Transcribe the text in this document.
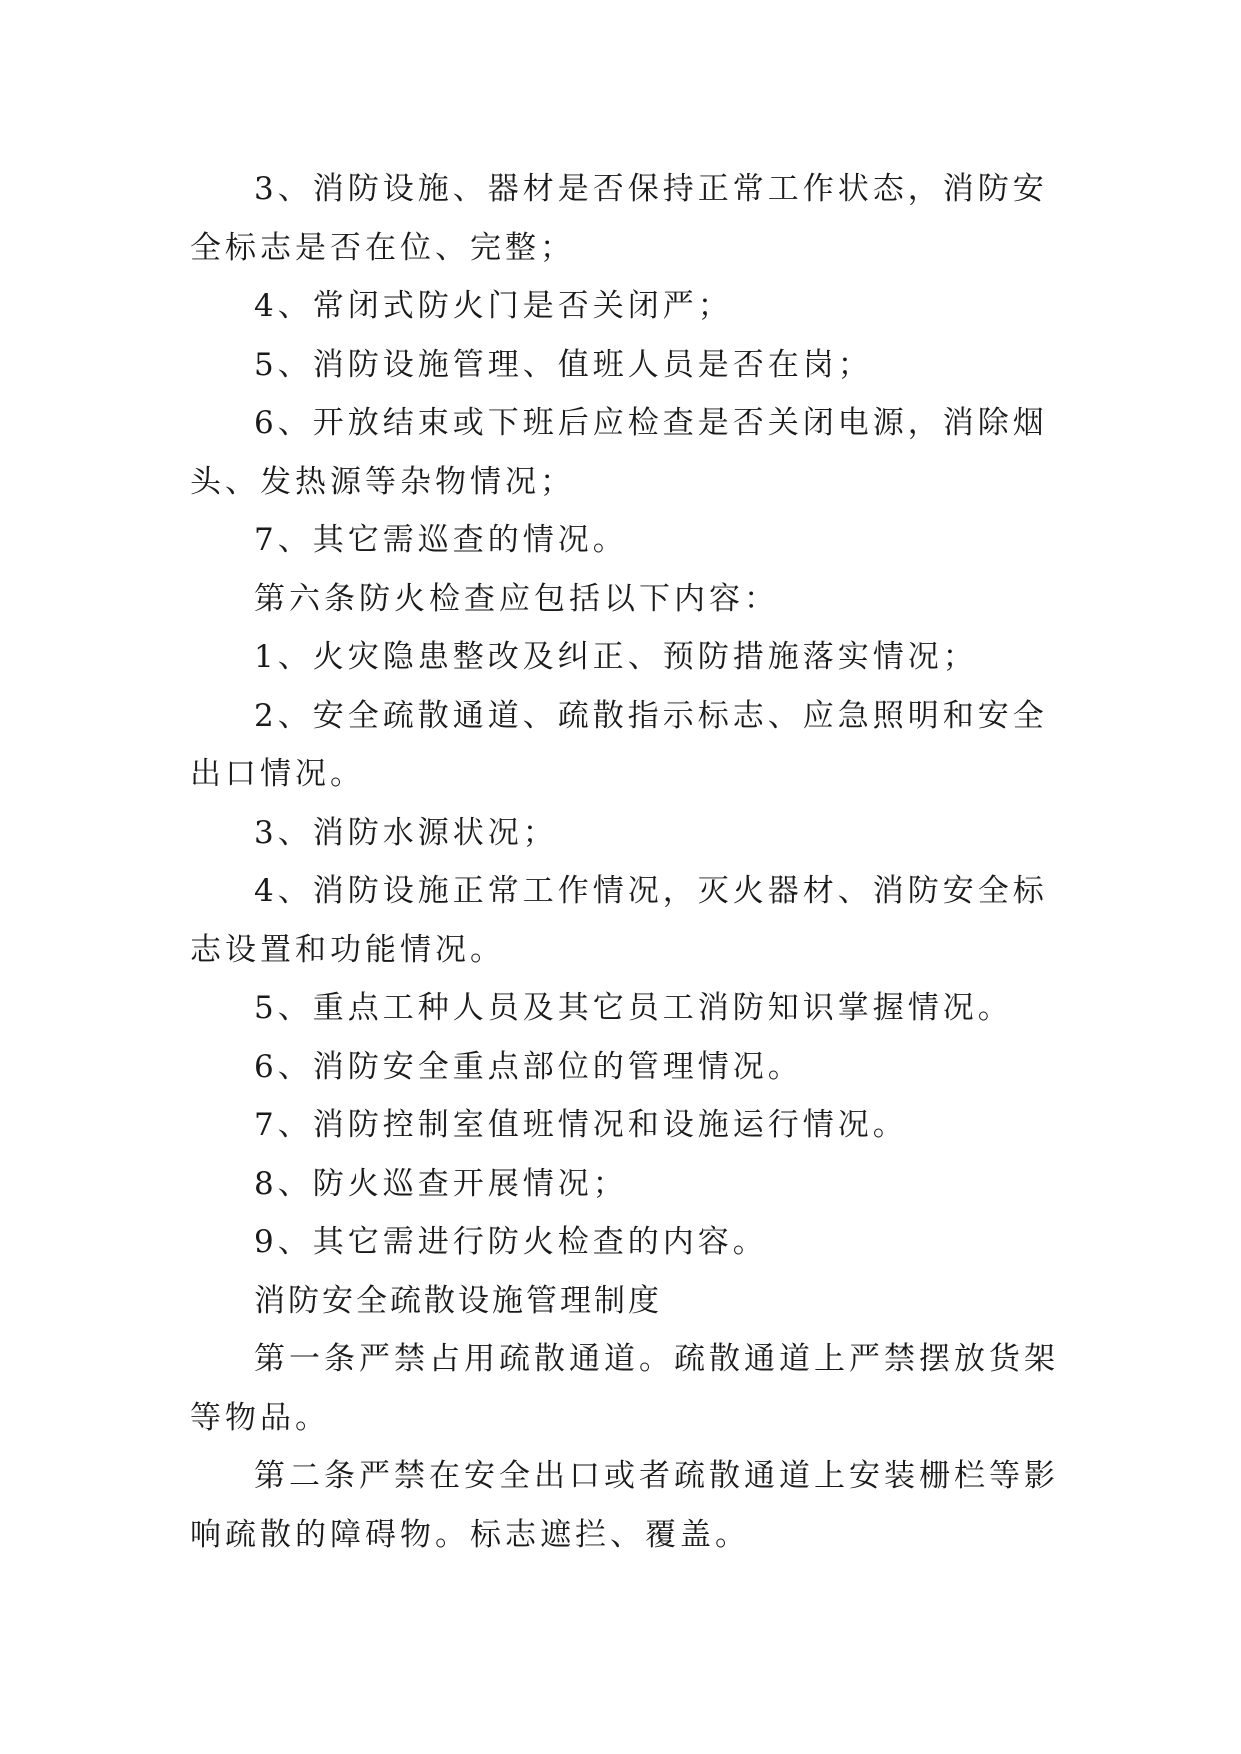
3、消防设施、器材是否保持正常工作状态，消防安全标志是否在位、完整；

4、常闭式防火门是否关闭严；

5、消防设施管理、值班人员是否在岗；

6、开放结束或下班后应检查是否关闭电源，消除烟头、发热源等杂物情况；

7、其它需巡查的情况。

第六条防火检查应包括以下内容：

1、火灾隐患整改及纠正、预防措施落实情况；

2、安全疏散通道、疏散指示标志、应急照明和安全出口情况。

3、消防水源状况；

4、消防设施正常工作情况，灭火器材、消防安全标志设置和功能情况。

5、重点工种人员及其它员工消防知识掌握情况。

6、消防安全重点部位的管理情况。

7、消防控制室值班情况和设施运行情况。

8、防火巡查开展情况；

9、其它需进行防火检查的内容。

消防安全疏散设施管理制度

第一条严禁占用疏散通道。疏散通道上严禁摆放货架等物品。

第二条严禁在安全出口或者疏散通道上安装栅栏等影响疏散的障碍物。标志遮拦、覆盖。
